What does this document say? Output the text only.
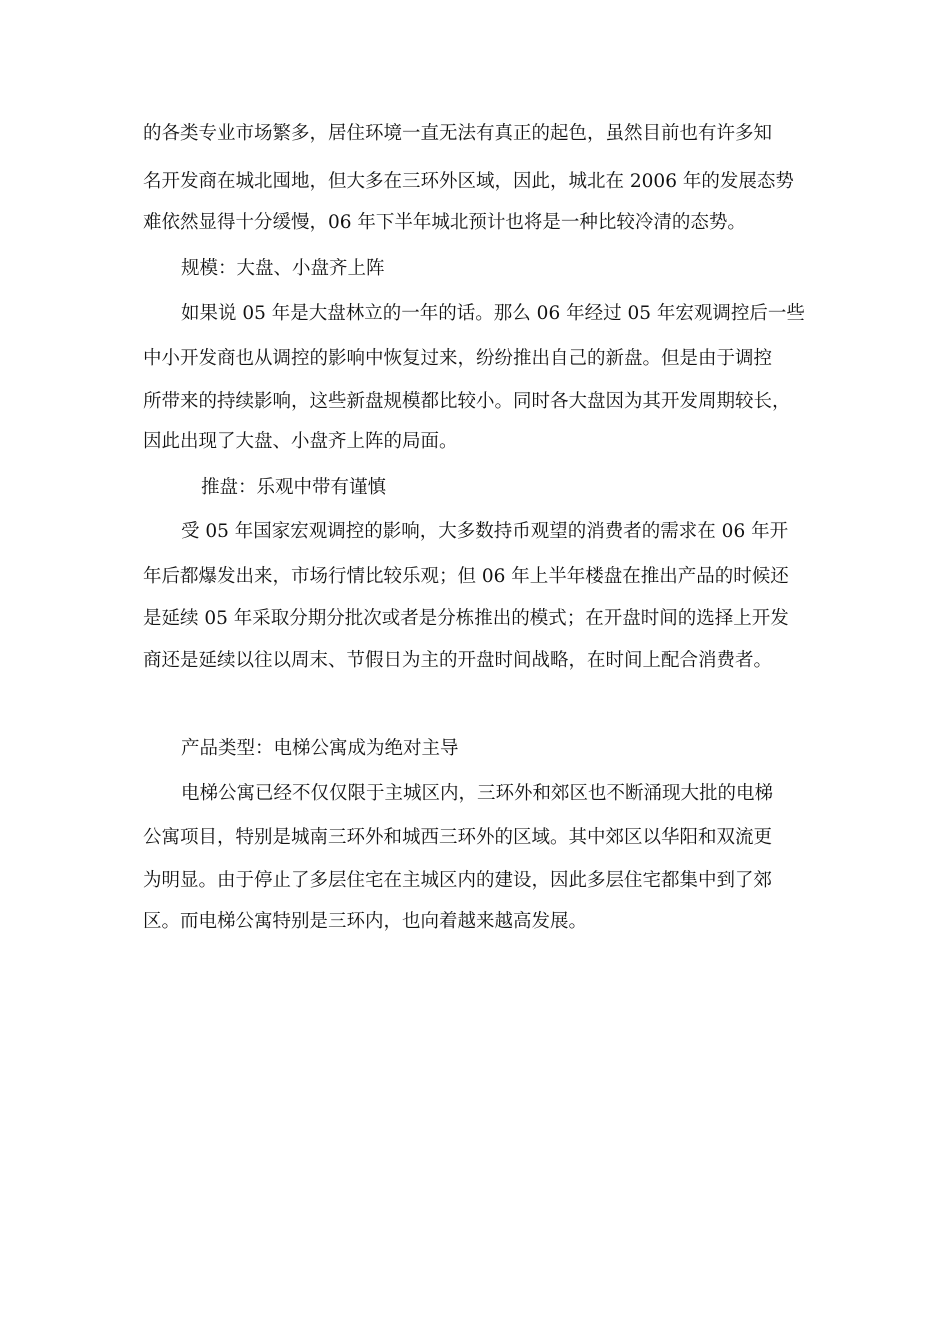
的各类专业市场繁多，居住环境一直无法有真正的起色，虽然目前也有许多知

名开发商在城北囤地，但大多在三环外区域，因此，城北在 2006 年的发展态势

难依然显得十分缓慢，06 年下半年城北预计也将是一种比较冷清的态势。

规模：大盘、小盘齐上阵

如果说 05 年是大盘林立的一年的话。那么 06 年经过 05 年宏观调控后一些

中小开发商也从调控的影响中恢复过来，纷纷推出自己的新盘。但是由于调控

所带来的持续影响，这些新盘规模都比较小。同时各大盘因为其开发周期较长，

因此出现了大盘、小盘齐上阵的局面。

推盘：乐观中带有谨慎

受 05 年国家宏观调控的影响，大多数持币观望的消费者的需求在 06 年开

年后都爆发出来，市场行情比较乐观；但 06 年上半年楼盘在推出产品的时候还

是延续 05 年采取分期分批次或者是分栋推出的模式；在开盘时间的选择上开发

商还是延续以往以周末、节假日为主的开盘时间战略，在时间上配合消费者。

产品类型：电梯公寓成为绝对主导

电梯公寓已经不仅仅限于主城区内，三环外和郊区也不断涌现大批的电梯

公寓项目，特别是城南三环外和城西三环外的区域。其中郊区以华阳和双流更

为明显。由于停止了多层住宅在主城区内的建设，因此多层住宅都集中到了郊

区。而电梯公寓特别是三环内，也向着越来越高发展。
